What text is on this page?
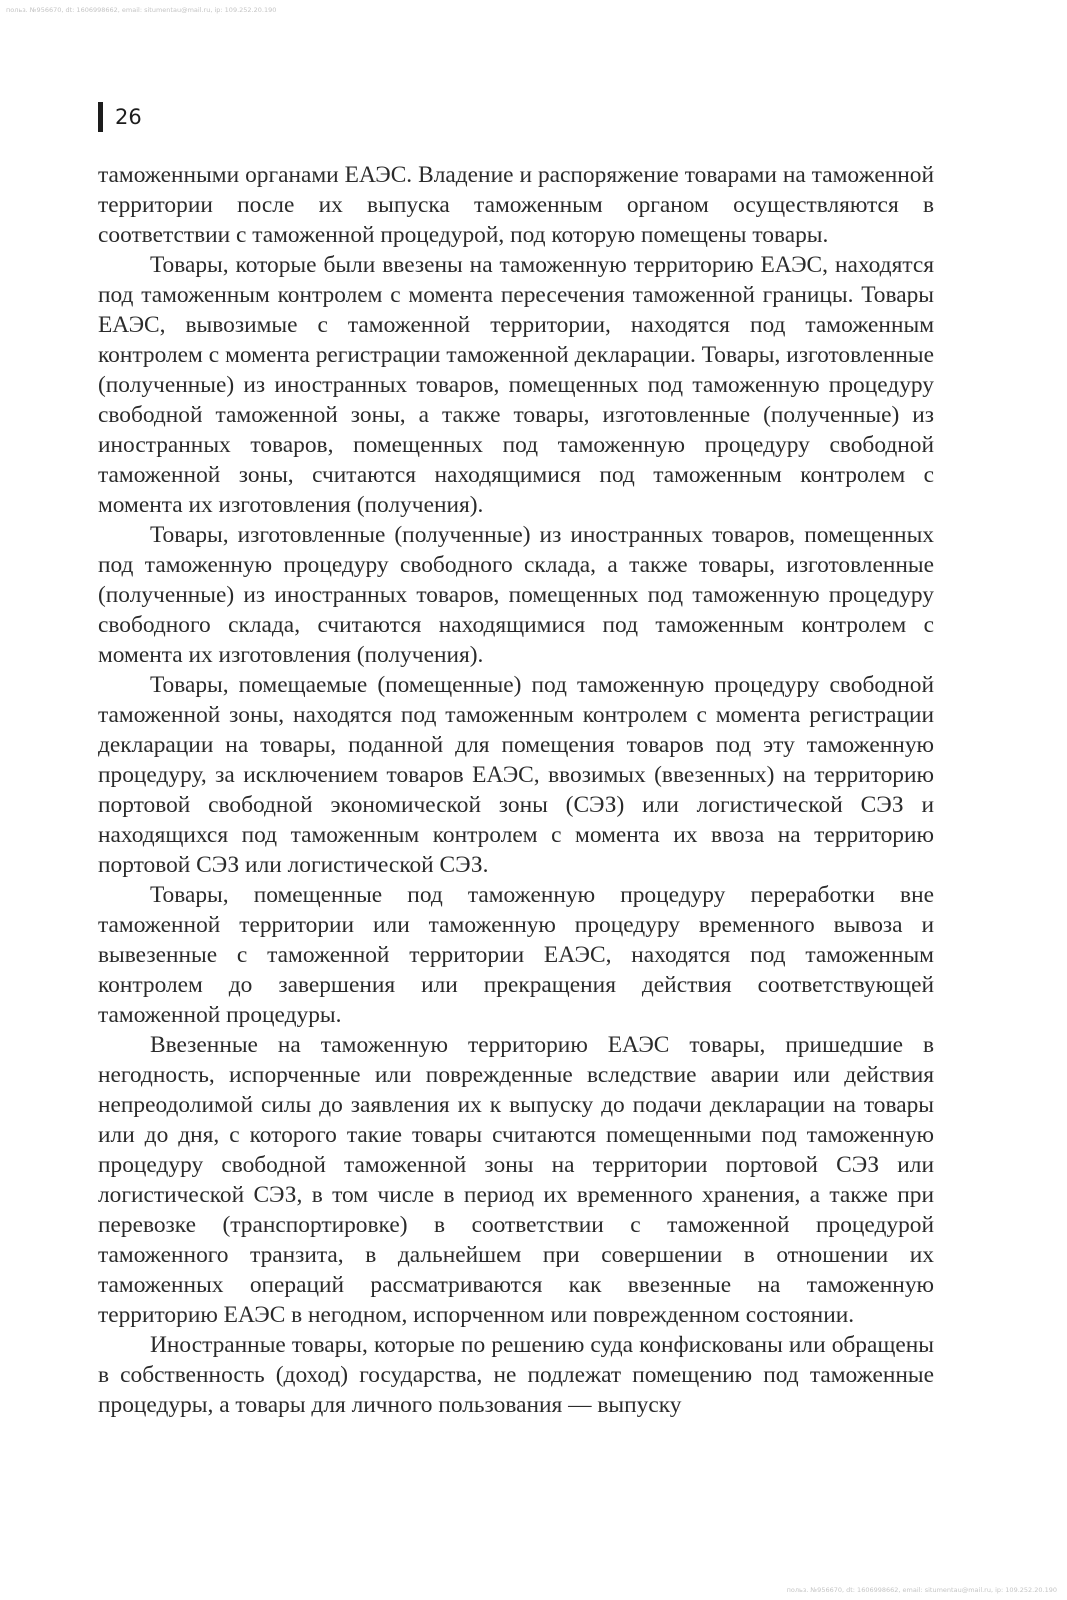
польз. №956670, dt: 1606998662, email: situmentau@mail.ru, ip: 109.252.20.190
26

таможенными органами ЕАЭС. Владение и распоряжение товарами на таможенной территории после их выпуска таможенным органом осуществляются в соответствии с таможенной процедурой, под которую помещены товары.

Товары, которые были ввезены на таможенную территорию ЕАЭС, находятся под таможенным контролем с момента пересечения таможенной границы. Товары ЕАЭС, вывозимые с таможенной территории, находятся под таможенным контролем с момента регистрации таможенной декларации. Товары, изготовленные (полученные) из иностранных товаров, помещенных под таможенную процедуру свободной таможенной зоны, а также товары, изготовленные (полученные) из иностранных товаров, помещенных под таможенную процедуру свободной таможенной зоны, считаются находящимися под таможенным контролем с момента их изготовления (получения).

Товары, изготовленные (полученные) из иностранных товаров, помещенных под таможенную процедуру свободного склада, а также товары, изготовленные (полученные) из иностранных товаров, помещенных под таможенную процедуру свободного склада, считаются находящимися под таможенным контролем с момента их изготовления (получения).

Товары, помещаемые (помещенные) под таможенную процедуру свободной таможенной зоны, находятся под таможенным контролем с момента регистрации декларации на товары, поданной для помещения товаров под эту таможенную процедуру, за исключением товаров ЕАЭС, ввозимых (ввезенных) на территорию портовой свободной экономической зоны (СЭЗ) или логистической СЭЗ и находящихся под таможенным контролем с момента их ввоза на территорию портовой СЭЗ или логистической СЭЗ.

Товары, помещенные под таможенную процедуру переработки вне таможенной территории или таможенную процедуру временного вывоза и вывезенные с таможенной территории ЕАЭС, находятся под таможенным контролем до завершения или прекращения действия соответствующей таможенной процедуры.

Ввезенные на таможенную территорию ЕАЭС товары, пришедшие в негодность, испорченные или поврежденные вследствие аварии или действия непреодолимой силы до заявления их к выпуску до подачи декларации на товары или до дня, с которого такие товары считаются помещенными под таможенную процедуру свободной таможенной зоны на территории портовой СЭЗ или логистической СЭЗ, в том числе в период их временного хранения, а также при перевозке (транспортировке) в соответствии с таможенной процедурой таможенного транзита, в дальнейшем при совершении в отношении их таможенных операций рассматриваются как ввезенные на таможенную территорию ЕАЭС в негодном, испорченном или поврежденном состоянии.

Иностранные товары, которые по решению суда конфискованы или обращены в собственность (доход) государства, не подлежат помещению под таможенные процедуры, а товары для личного пользования — выпуску

польз. №956670, dt: 1606998662, email: situmentau@mail.ru, ip: 109.252.20.190
